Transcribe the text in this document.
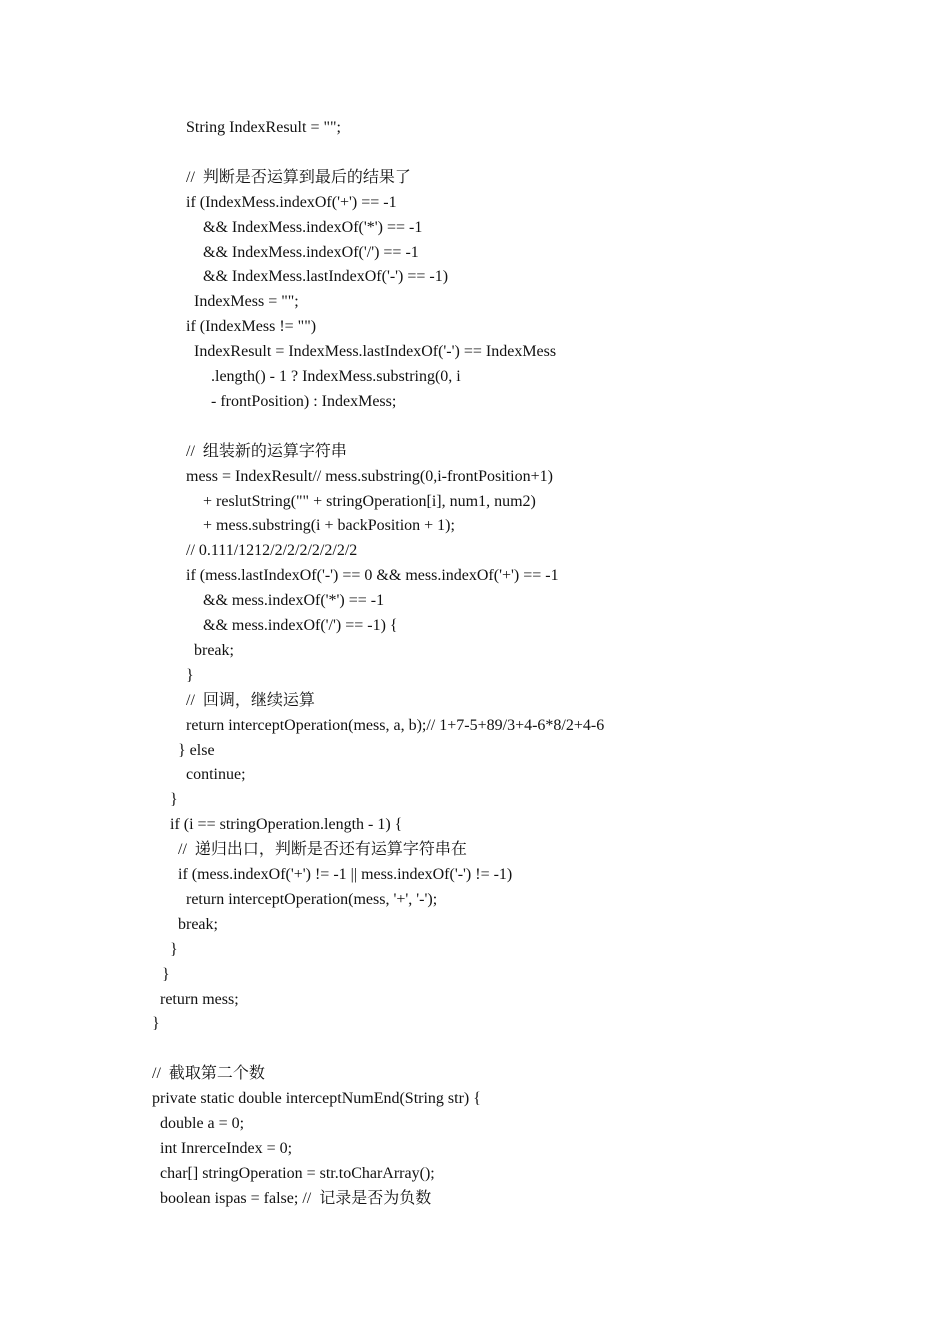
String IndexResult = "";
//  判断是否运算到最后的结果了
if (IndexMess.indexOf('+') == -1
&& IndexMess.indexOf('*') == -1
&& IndexMess.indexOf('/') == -1
&& IndexMess.lastIndexOf('-') == -1)
IndexMess = "";
if (IndexMess != "")
IndexResult = IndexMess.lastIndexOf('-') == IndexMess
.length() - 1 ? IndexMess.substring(0, i
- frontPosition) : IndexMess;
//  组装新的运算字符串
mess = IndexResult// mess.substring(0,i-frontPosition+1)
+ reslutString("" + stringOperation[i], num1, num2)
+ mess.substring(i + backPosition + 1);
// 0.111/1212/2/2/2/2/2/2/2
if (mess.lastIndexOf('-') == 0 && mess.indexOf('+') == -1
&& mess.indexOf('*') == -1
&& mess.indexOf('/') == -1) {
break;
}
//  回调，继续运算
return interceptOperation(mess, a, b);// 1+7-5+89/3+4-6*8/2+4-6
} else
continue;
}
if (i == stringOperation.length - 1) {
//  递归出口，判断是否还有运算字符串在
if (mess.indexOf('+') != -1 || mess.indexOf('-') != -1)
return interceptOperation(mess, '+', '-');
break;
}
}
return mess;
}
//  截取第二个数
private static double interceptNumEnd(String str) {
double a = 0;
int InrerceIndex = 0;
char[] stringOperation = str.toCharArray();
boolean ispas = false; //  记录是否为负数
